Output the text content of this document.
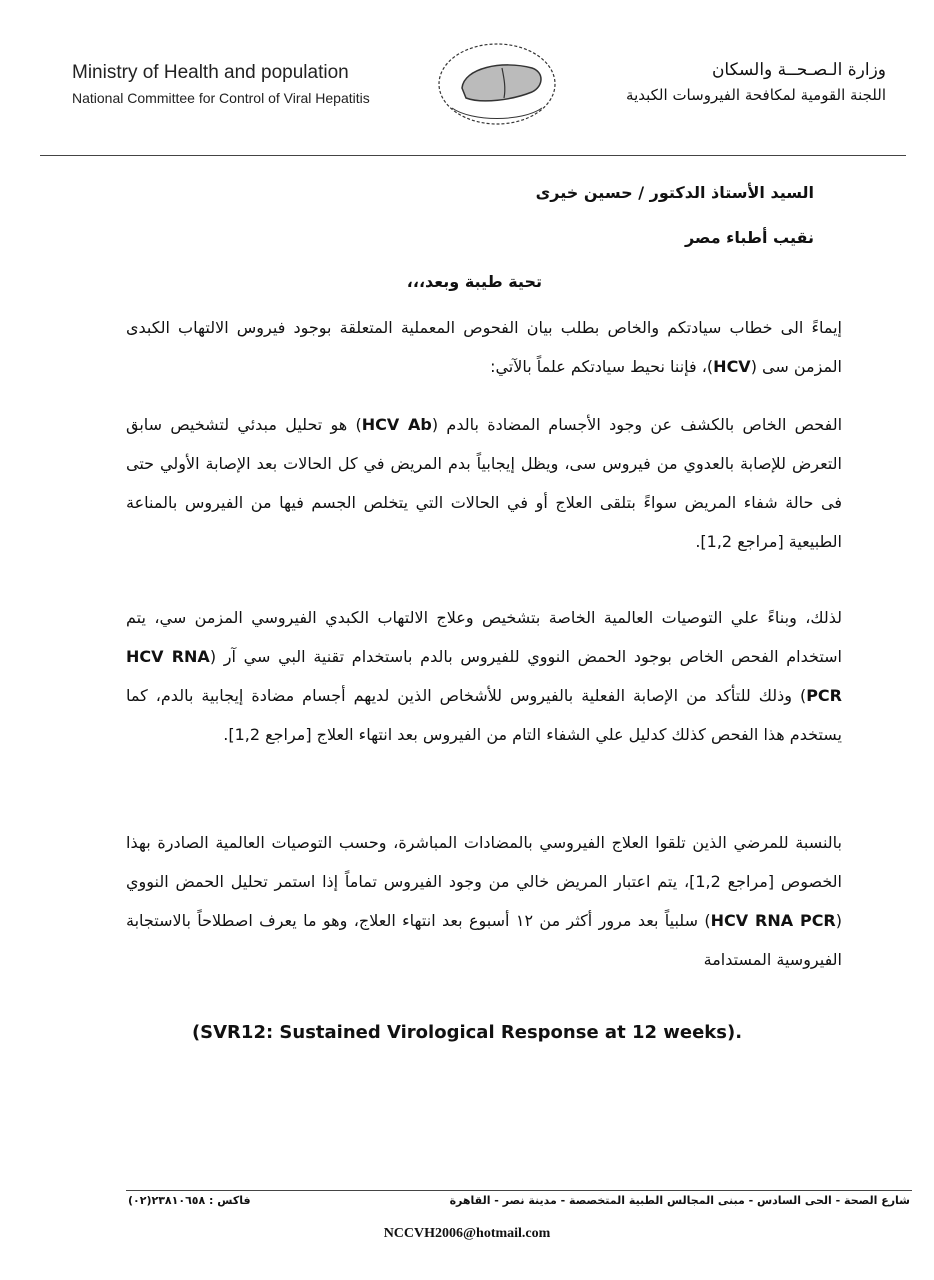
Ministry of Health and population
National Committee for Control of Viral Hepatitis
وزارة الـصـحــة والسكان
اللجنة القومية لمكافحة الفيروسات الكبدية
السيد الأستاذ الدكتور / حسين خيرى
نقيب أطباء مصر
تحية طيبة وبعد،،،
إيماءً الى خطاب سيادتكم والخاص بطلب بيان الفحوص المعملية المتعلقة بوجود فيروس الالتهاب الكبدى المزمن سى (HCV)، فإننا نحيط سيادتكم علماً بالآتي:
الفحص الخاص بالكشف عن وجود الأجسام المضادة بالدم (HCV Ab) هو تحليل مبدئي لتشخيص سابق التعرض للإصابة بالعدوي من فيروس سى، ويظل إيجابياً بدم المريض في كل الحالات بعد الإصابة الأولي حتى فى حالة شفاء المريض سواءً بتلقى العلاج أو في الحالات التي يتخلص الجسم فيها من الفيروس بالمناعة الطبيعية [مراجع 1,2].
لذلك، وبناءً علي التوصيات العالمية الخاصة بتشخيص وعلاج الالتهاب الكبدي الفيروسي المزمن سي، يتم استخدام الفحص الخاص بوجود الحمض النووي للفيروس بالدم باستخدام تقنية البي سي آر (HCV RNA PCR) وذلك للتأكد من الإصابة الفعلية بالفيروس للأشخاص الذين لديهم أجسام مضادة إيجابية بالدم، كما يستخدم هذا الفحص كذلك كدليل علي الشفاء التام من الفيروس بعد انتهاء العلاج [مراجع 1,2].
بالنسبة للمرضي الذين تلقوا العلاج الفيروسي بالمضادات المباشرة، وحسب التوصيات العالمية الصادرة بهذا الخصوص [مراجع 1,2]، يتم اعتبار المريض خالي من وجود الفيروس تماماً إذا استمر تحليل الحمض النووي (HCV RNA PCR) سلبياً بعد مرور أكثر من ١٢ أسبوع بعد انتهاء العلاج، وهو ما يعرف اصطلاحاً بالاستجابة الفيروسية المستدامة
(SVR12: Sustained Virological Response at 12 weeks).
شارع الصحة - الحى السادس - مبنى المجالس الطبية المتخصصة - مدينة نصر - القاهرة
فاكس : ٢٣٨١٠٦٥٨(٠٢)
NCCVH2006@hotmail.com
